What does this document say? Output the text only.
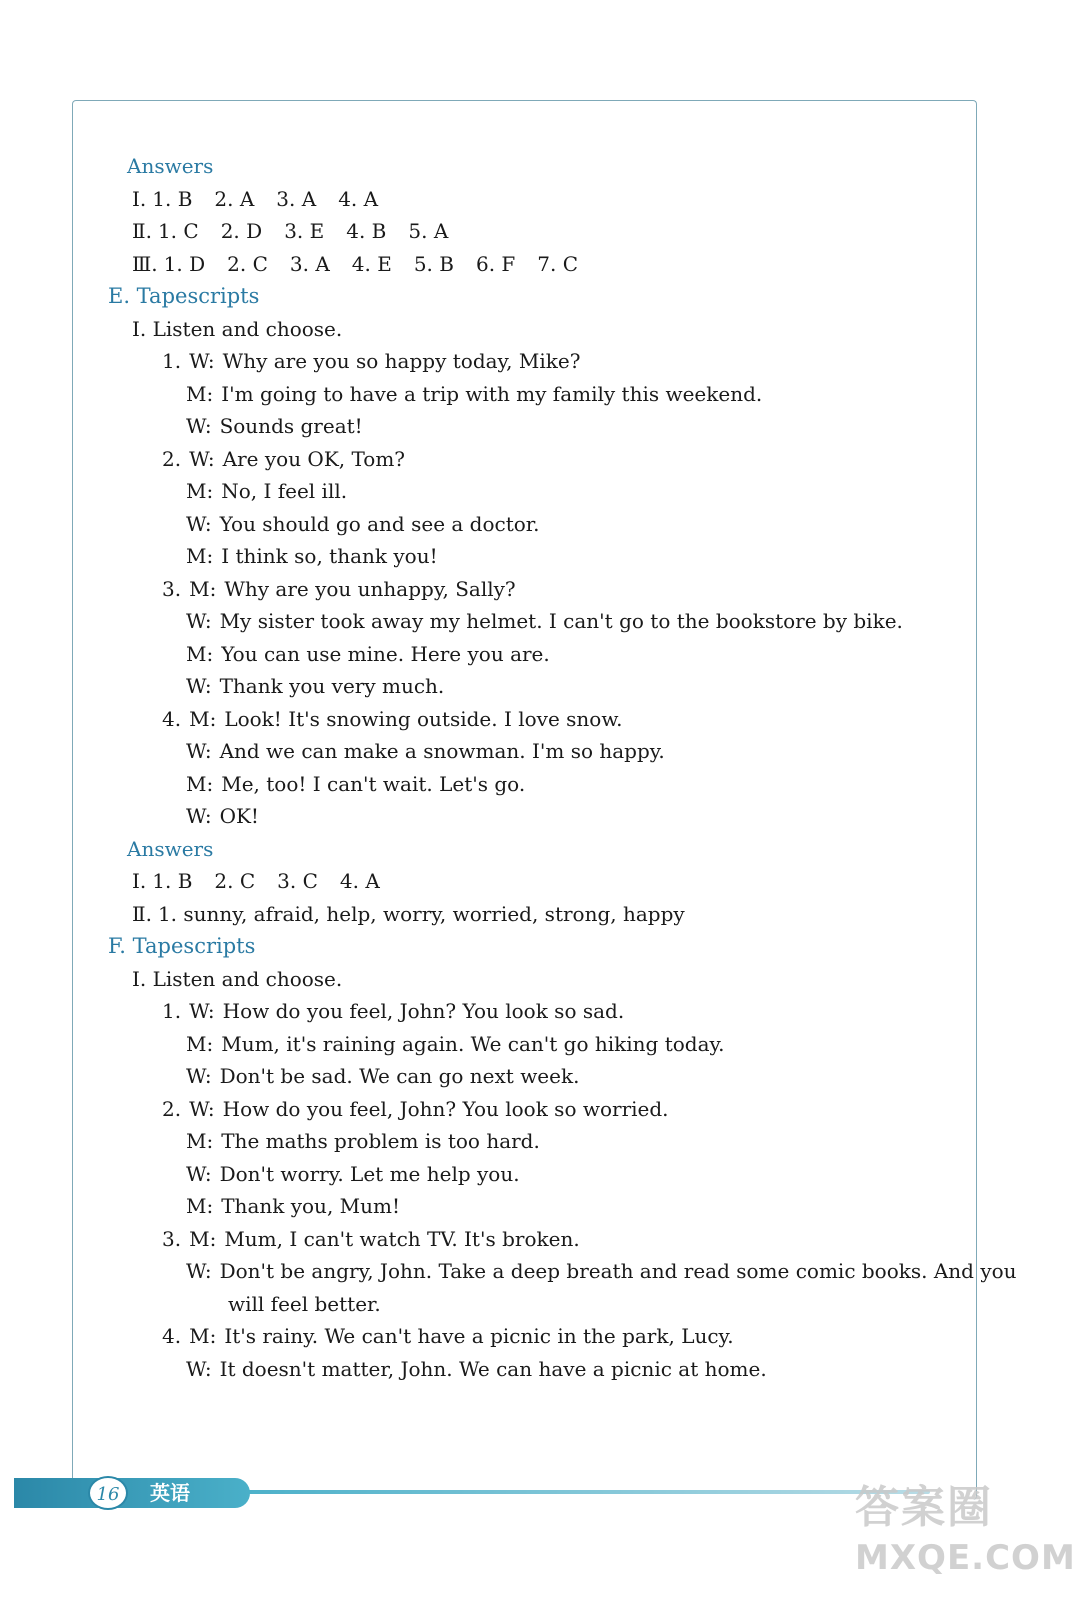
Answers
Ⅰ. 1. B 2. A 3. A 4. A
Ⅱ. 1. C 2. D 3. E 4. B 5. A
Ⅲ. 1. D 2. C 3. A 4. E 5. B 6. F 7. C
E. Tapescripts
Ⅰ. Listen and choose.
1. W: Why are you so happy today, Mike?
M: I'm going to have a trip with my family this weekend.
W: Sounds great!
2. W: Are you OK, Tom?
M: No, I feel ill.
W: You should go and see a doctor.
M: I think so, thank you!
3. M: Why are you unhappy, Sally?
W: My sister took away my helmet. I can't go to the bookstore by bike.
M: You can use mine. Here you are.
W: Thank you very much.
4. M: Look! It's snowing outside. I love snow.
W: And we can make a snowman. I'm so happy.
M: Me, too! I can't wait. Let's go.
W: OK!
Answers
Ⅰ. 1. B 2. C 3. C 4. A
Ⅱ. 1. sunny, afraid, help, worry, worried, strong, happy
F. Tapescripts
Ⅰ. Listen and choose.
1. W: How do you feel, John? You look so sad.
M: Mum, it's raining again. We can't go hiking today.
W: Don't be sad. We can go next week.
2. W: How do you feel, John? You look so worried.
M: The maths problem is too hard.
W: Don't worry. Let me help you.
M: Thank you, Mum!
3. M: Mum, I can't watch TV. It's broken.
W: Don't be angry, John. Take a deep breath and read some comic books. And you
will feel better.
4. M: It's rainy. We can't have a picnic in the park, Lucy.
W: It doesn't matter, John. We can have a picnic at home.
16	英语	答案圈
MXQE.COM
